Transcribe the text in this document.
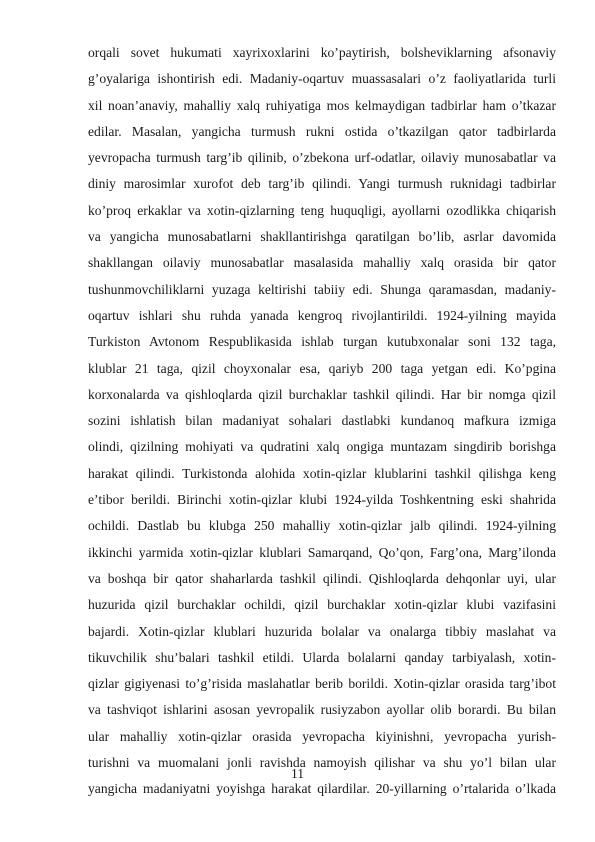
orqali sovet hukumati xayrixoxlarini ko’paytirish, bolsheviklarning afsonaviy
g’oyalariga ishontirish edi. Madaniy-oqartuv muassasalari o’z faoliyatlarida turli
xil noan’anaviy, mahalliy xalq ruhiyatiga mos kelmaydigan tadbirlar ham o’tkazar
edilar. Masalan, yangicha turmush rukni ostida o’tkazilgan qator tadbirlarda
yevropacha turmush targ’ib qilinib, o’zbekona urf-odatlar, oilaviy munosabatlar va
diniy marosimlar xurofot deb targ’ib qilindi. Yangi turmush ruknidagi tadbirlar
ko’proq erkaklar va xotin-qizlarning teng huquqligi, ayollarni ozodlikka chiqarish
va yangicha munosabatlarni shakllantirishga qaratilgan bo’lib, asrlar davomida
shakllangan oilaviy munosabatlar masalasida mahalliy xalq orasida bir qator
tushunmovchiliklarni yuzaga keltirishi tabiiy edi. Shunga qaramasdan, madaniy-
oqartuv ishlari shu ruhda yanada kengroq rivojlantirildi. 1924-yilning mayida
Turkiston Avtonom Respublikasida ishlab turgan kutubxonalar soni 132 taga,
klublar 21 taga, qizil choyxonalar esa, qariyb 200 taga yetgan edi. Ko’pgina
korxonalarda va qishloqlarda qizil burchaklar tashkil qilindi. Har bir nomga qizil
sozini ishlatish bilan madaniyat sohalari dastlabki kundanoq mafkura izmiga
olindi, qizilning mohiyati va qudratini xalq ongiga muntazam singdirib borishga
harakat qilindi. Turkistonda alohida xotin-qizlar klublarini tashkil qilishga keng
e’tibor berildi. Birinchi xotin-qizlar klubi 1924-yilda Toshkentning eski shahrida
ochildi. Dastlab bu klubga 250 mahalliy xotin-qizlar jalb qilindi. 1924-yilning
ikkinchi yarmida xotin-qizlar klublari Samarqand, Qo’qon, Farg’ona, Marg’ilonda
va boshqa bir qator shaharlarda tashkil qilindi. Qishloqlarda dehqonlar uyi, ular
huzurida qizil burchaklar ochildi, qizil burchaklar xotin-qizlar klubi vazifasini
bajardi. Xotin-qizlar klublari huzurida bolalar va onalarga tibbiy maslahat va
tikuvchilik shu’balari tashkil etildi. Ularda bolalarni qanday tarbiyalash, xotin-
qizlar gigiyenasi to’g’risida maslahatlar berib borildi. Xotin-qizlar orasida targ’ibot
va tashviqot ishlarini asosan yevropalik rusiyzabon ayollar olib borardi. Bu bilan
ular mahalliy xotin-qizlar orasida yevropacha kiyinishni, yevropacha yurish-
turishni va muomalani jonli ravishda namoyish qilishar va shu yo’l bilan ular
yangicha madaniyatni yoyishga harakat qilardilar. 20-yillarning o’rtalarida o’lkada
11
